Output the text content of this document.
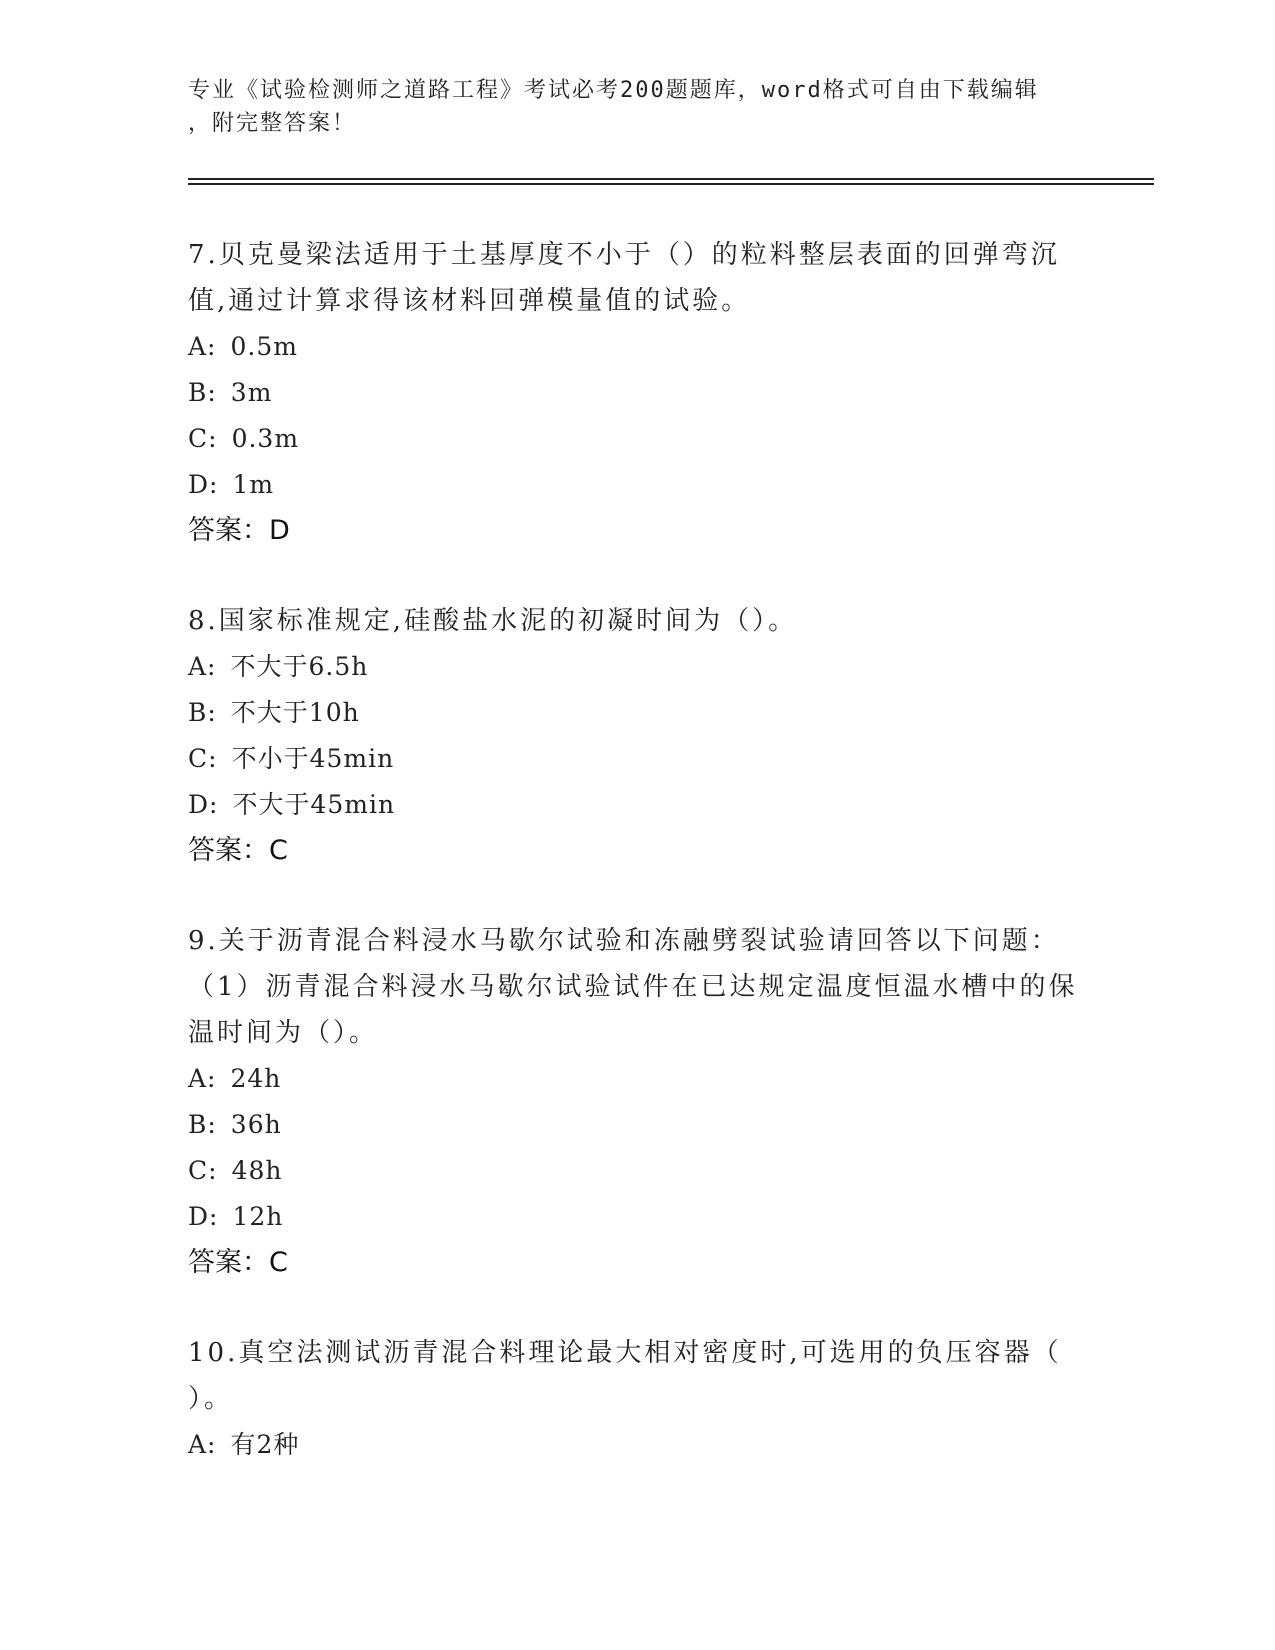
专业《试验检测师之道路工程》考试必考200题题库，word格式可自由下载编辑
，附完整答案！

7.贝克曼梁法适用于土基厚度不小于（）的粒料整层表面的回弹弯沉
值,通过计算求得该材料回弹模量值的试验。

A: 0.5m
B: 3m
C: 0.3m
D: 1m
答案：D

8.国家标准规定,硅酸盐水泥的初凝时间为（）。

A: 不大于6.5h
B: 不大于10h
C: 不小于45min
D: 不大于45min
答案：C

9.关于沥青混合料浸水马歇尔试验和冻融劈裂试验请回答以下问题：
（1）沥青混合料浸水马歇尔试验试件在已达规定温度恒温水槽中的保
温时间为（）。

A: 24h
B: 36h
C: 48h
D: 12h
答案：C

10.真空法测试沥青混合料理论最大相对密度时,可选用的负压容器（
）。

A: 有2种
